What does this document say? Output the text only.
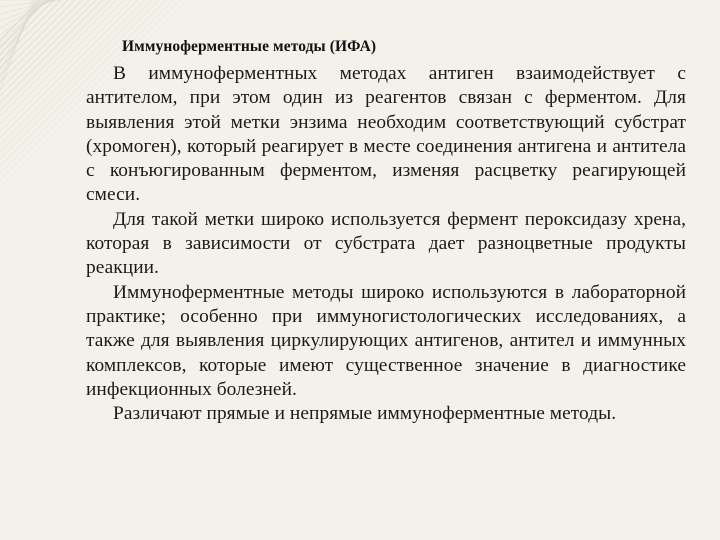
Иммуноферментные методы (ИФА)

В иммуноферментных методах антиген взаимодействует с антителом, при этом один из реагентов связан с ферментом. Для выявления этой метки энзима необходим соответствующий субстрат (хромоген), который реагирует в месте соединения антигена и антитела с конъюгированным ферментом, изменяя расцветку реагирующей смеси.

Для такой метки широко используется фермент пероксидазу хрена, которая в зависимости от субстрата дает разноцветные продукты реакции.

Иммуноферментные методы широко используются в лабораторной практике; особенно при иммуногистологических исследованиях, а также для выявления циркулирующих антигенов, антител и иммунных комплексов, которые имеют существенное значение в диагностике инфекционных болезней.

Различают прямые и непрямые иммуноферментные методы.
